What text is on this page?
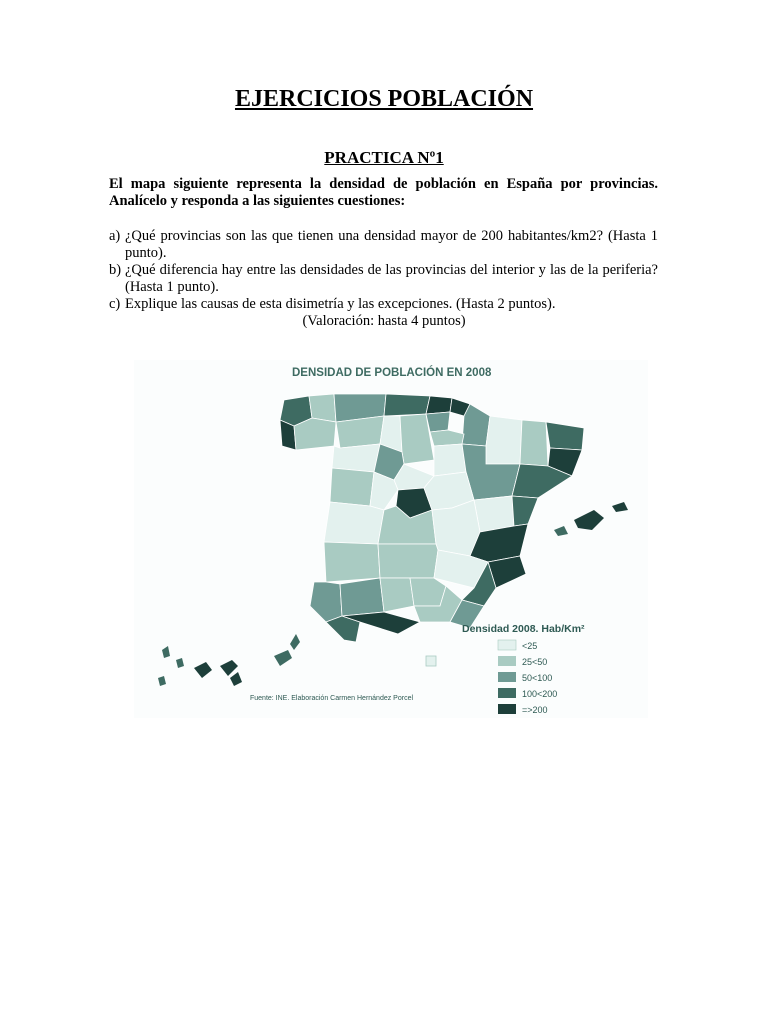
EJERCICIOS POBLACIÓN
PRACTICA Nº1
El mapa siguiente representa la densidad de población en España por provincias. Analícelo y responda a las siguientes cuestiones:
a) ¿Qué provincias son las que tienen una densidad mayor de 200 habitantes/km2? (Hasta 1 punto).
b) ¿Qué diferencia hay entre las densidades de las provincias del interior y las de la periferia? (Hasta 1 punto).
c) Explique las causas de esta disimetría y las excepciones. (Hasta 2 puntos).
(Valoración: hasta 4 puntos)
DENSIDAD DE POBLACIÓN EN 2008
Densidad 2008. Hab/Km²
<25
25<50
50<100
100<200
=>200
Fuente: INE. Elaboración Carmen Hernández Porcel
